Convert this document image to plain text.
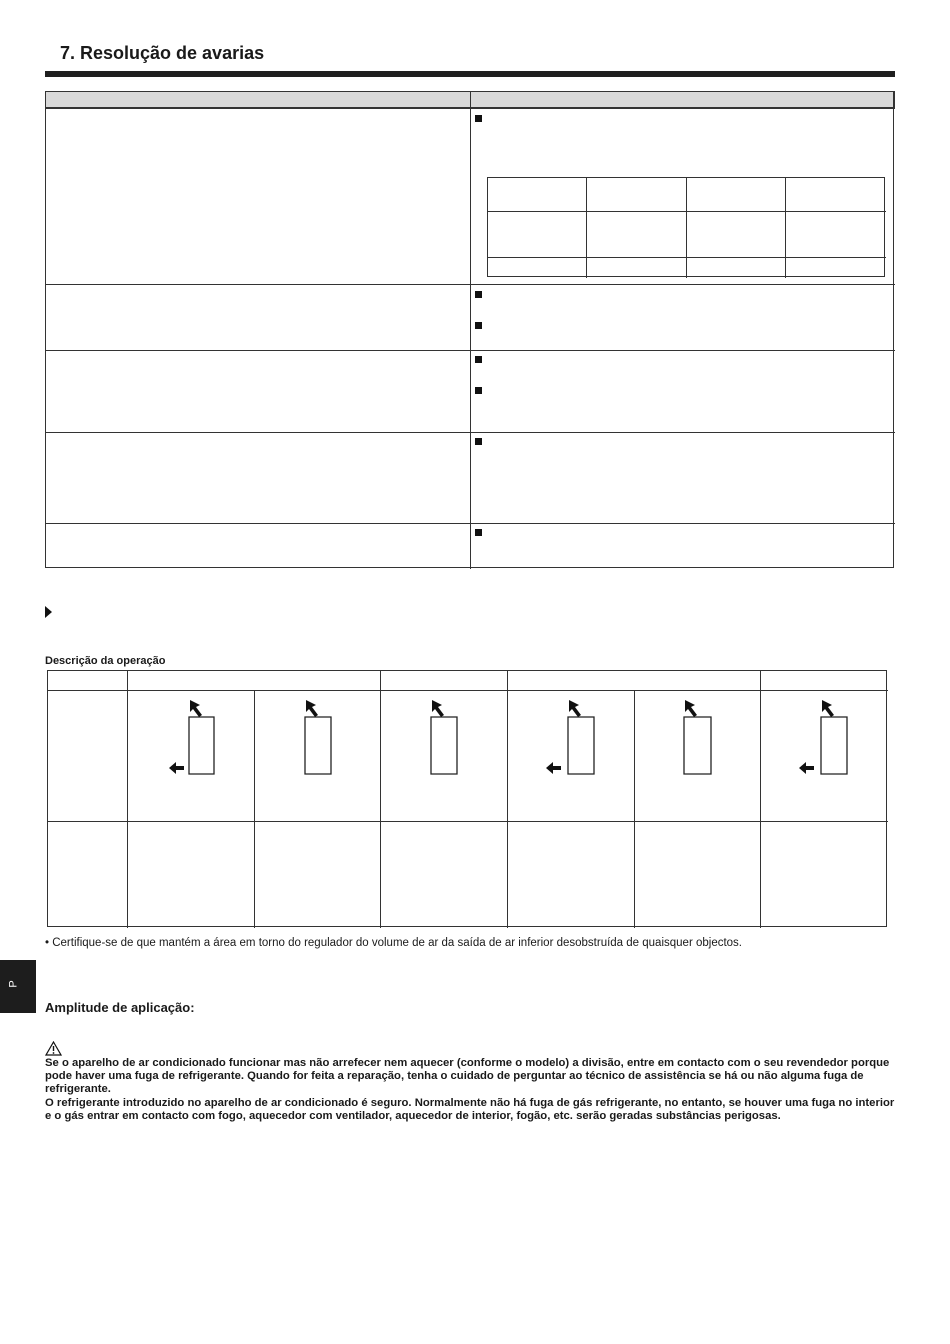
7. Resolução de avarias
Descrição da operação
• Certifique-se de que mantém a área em torno do regulador do volume de ar da saída de ar inferior desobstruída de quaisquer objectos.
P
Amplitude de aplicação:

Se o aparelho de ar condicionado funcionar mas não arrefecer nem aquecer (conforme o modelo) a divisão, entre em contacto com o seu revendedor porque pode haver uma fuga de refrigerante. Quando for feita a reparação, tenha o cuidado de perguntar ao técnico de assistência se há ou não alguma fuga de refrigerante.

O refrigerante introduzido no aparelho de ar condicionado é seguro. Normalmente não há fuga de gás refrigerante, no entanto, se houver uma fuga no interior e o gás entrar em contacto com fogo, aquecedor com ventilador, aquecedor de interior, fogão, etc. serão geradas substâncias perigosas.
